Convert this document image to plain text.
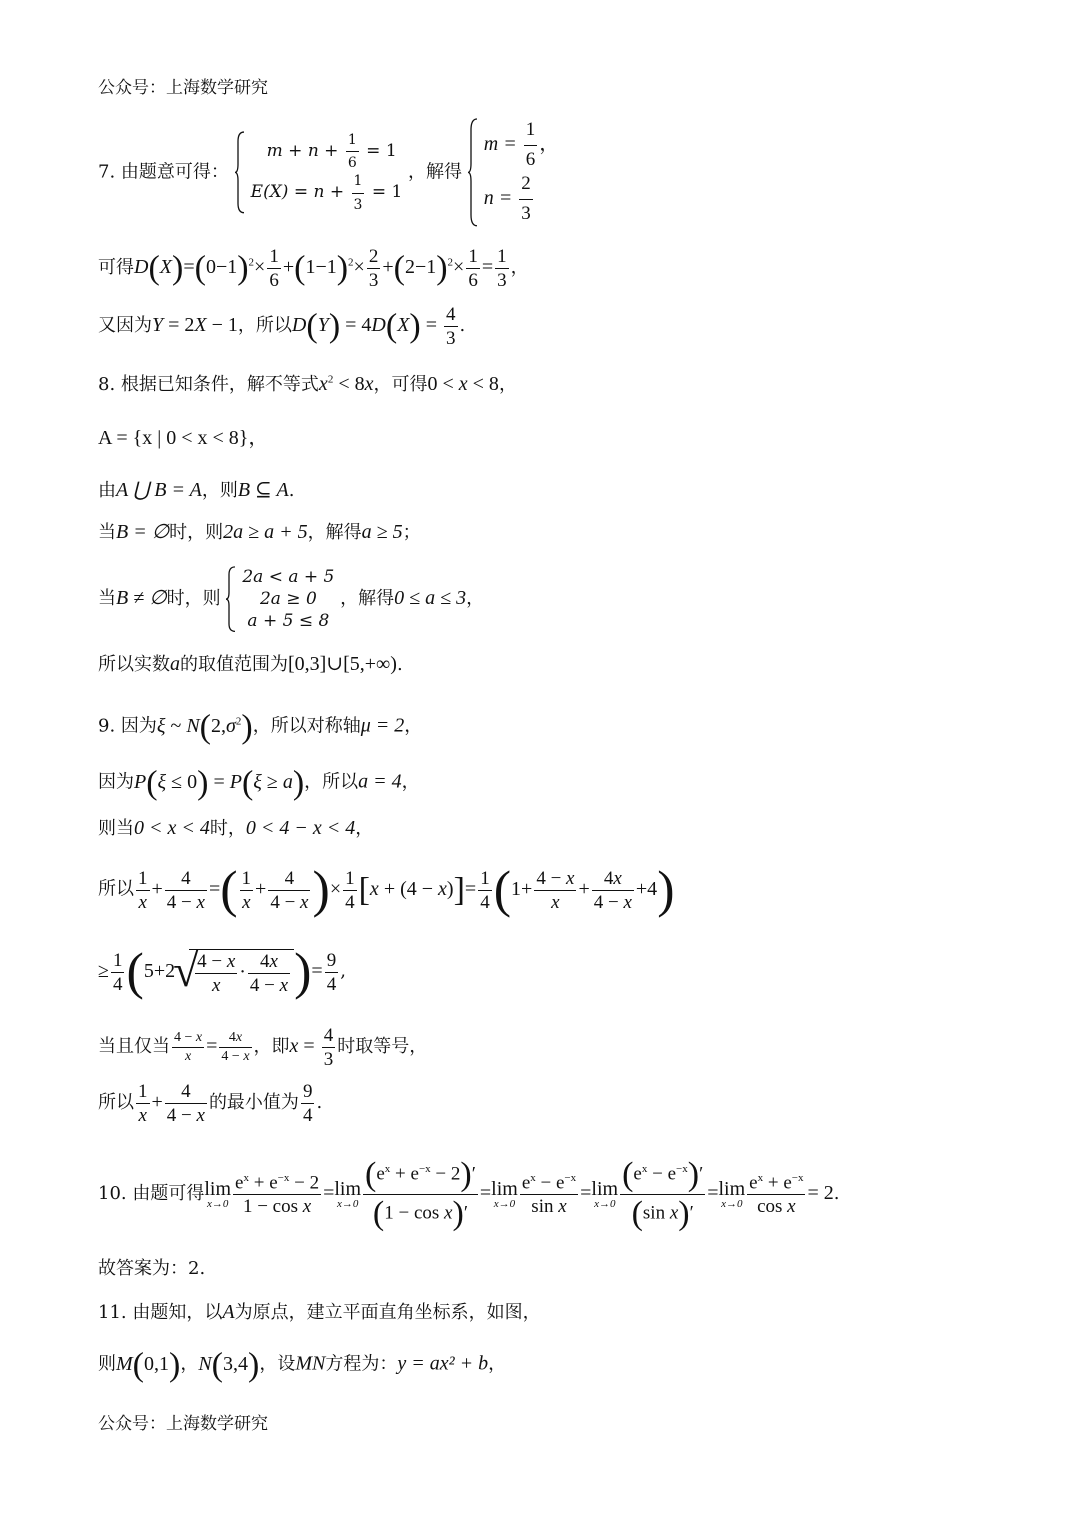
公众号：上海数学研究
7. 由题意可得：
$m + n + \frac{1}{6} = 1$
$E(X) = n + \frac{1}{3} = 1$
，解得
$m = \frac{1}{6}$ ，
$n = \frac{2}{3}$
可得$D(X)=(0-1)^2\times \frac{1}{6} +(1-1)^2\times \frac{2}{3} +(2-1)^2\times \frac{1}{6} = \frac{1}{3}$ ，
又因为Y = 2X − 1，所以$D(Y) = 4D(X) = \frac{4}{3}$ .
8. 根据已知条件，解不等式$x^2 < 8x$，可得0 < x < 8，
A = {x | 0 < x < 8}，
由A ⋃ B = A，则B ⊆ A.
当B = ∅时，则2a ≥ a + 5，解得a ≥ 5；
当B ≠ ∅时，则
2a < a + 5
2a ≥ 0
a + 5 ≤ 8
，解得0 ≤ a ≤ 3，
所以实数a的取值范围为[0,3]∪[5,+∞).
9. 因为ξ ~ $N(2,\sigma^2)$，所以对称轴μ = 2，
因为P(ξ ≤ 0) = P(ξ ≥ a)，所以a = 4，
则当0 < x < 4时，0 < 4 − x < 4，
所以 $\frac{1}{x} + \frac{4}{4 - x}$ =( $\frac{1}{x} + \frac{4}{4 - x}$ )× $\frac{1}{4} [x + (4 - x)]= \frac{1}{4} (1+ \frac{4 - x}{x} + \frac{4x}{4 - x} +4)$
≥ $\frac{1}{4} (5+2$
√ $\frac{4 - x}{x} \cdot \frac{4x}{4 - x}$ )= $\frac{9}{4}$ ,
当且仅当 $\frac{4 - x}{x} = \frac{4x}{4 - x}$ ，即$x = \frac{4}{3}$ 时取等号，
所以 $\frac{1}{x} + \frac{4}{4 - x}$ 的最小值为 $\frac{9}{4}$ .
10. 由题可得lim
$x\to 0 \frac{e^x + e^{-x} - 2}{\text{1 − cos x}} =\lim$
$x\to 0 \frac{(e^x + e^{-x} - 2)'}{\text{(1 − cos x)′}} =\lim$
$x\to 0 \frac{e^x - e^{-x}}{\text{sin x}} =\lim$
$x\to 0 \frac{(e^x - e^{-x})'}{\text{(sin x)′}} =\lim$
$x\to 0 \frac{e^x + e^{-x}}{\text{cos x}} = 2$.
故答案为：2.
11. 由题知，以A为原点，建立平面直角坐标系，如图，
则M(0,1)，N(3,4)，设MN方程为：y = ax² + b，
公众号：上海数学研究
